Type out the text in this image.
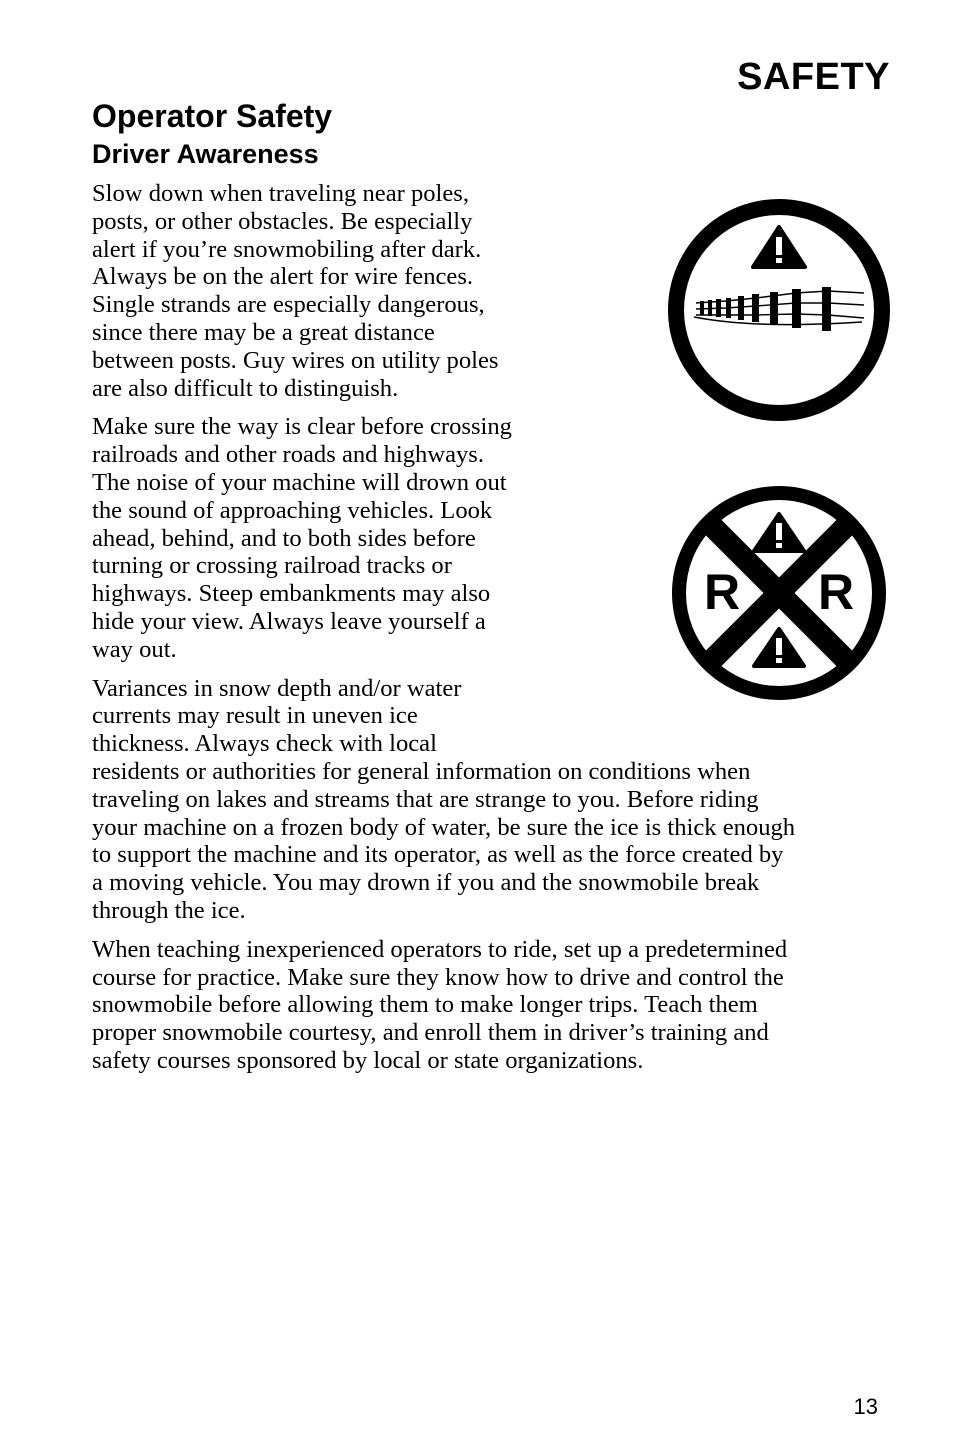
SAFETY
Operator Safety
Driver Awareness

Slow down when traveling near poles,
posts, or other obstacles. Be especially
alert if you’re snowmobiling after dark.
Always be on the alert for wire fences.
Single strands are especially dangerous,
since there may be a great distance
between posts. Guy wires on utility poles
are also difficult to distinguish.

Make sure the way is clear before crossing
railroads and other roads and highways.
The noise of your machine will drown out
the sound of approaching vehicles. Look
ahead, behind, and to both sides before
turning or crossing railroad tracks or
highways. Steep embankments may also
hide your view. Always leave yourself a
way out.

Variances in snow depth and/or water
currents may result in uneven ice
thickness. Always check with local
residents or authorities for general information on conditions when
traveling on lakes and streams that are strange to you. Before riding
your machine on a frozen body of water, be sure the ice is thick enough
to support the machine and its operator, as well as the force created by
a moving vehicle. You may drown if you and the snowmobile break
through the ice.

When teaching inexperienced operators to ride, set up a predetermined
course for practice. Make sure they know how to drive and control the
snowmobile before allowing them to make longer trips. Teach them
proper snowmobile courtesy, and enroll them in driver’s training and
safety courses sponsored by local or state organizations.

R R
13
